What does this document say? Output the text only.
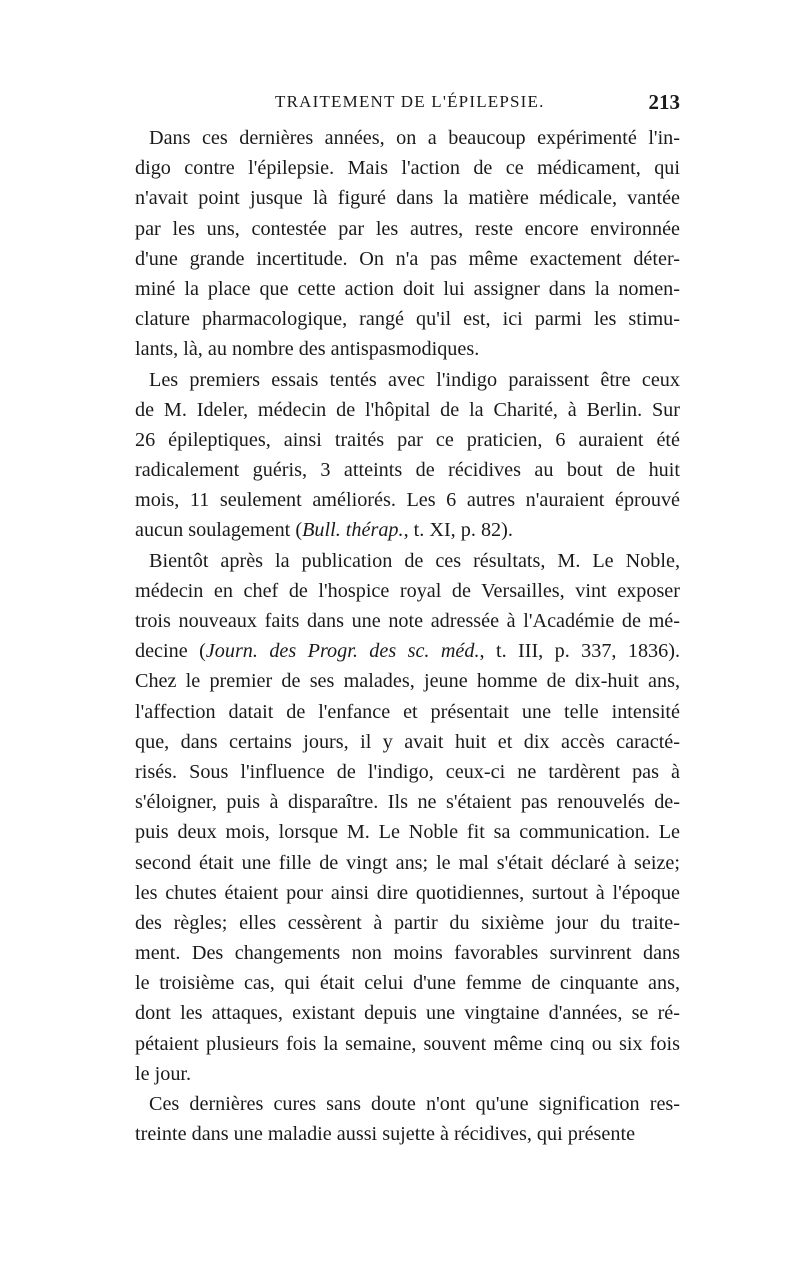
TRAITEMENT DE L'ÉPILEPSIE.	213
Dans ces dernières années, on a beaucoup expérimenté l'in-
digo contre l'épilepsie. Mais l'action de ce médicament, qui
n'avait point jusque là figuré dans la matière médicale, vantée
par les uns, contestée par les autres, reste encore environnée
d'une grande incertitude. On n'a pas même exactement déter-
miné la place que cette action doit lui assigner dans la nomen-
clature pharmacologique, rangé qu'il est, ici parmi les stimu-
lants, là, au nombre des antispasmodiques.
Les premiers essais tentés avec l'indigo paraissent être ceux
de M. Ideler, médecin de l'hôpital de la Charité, à Berlin. Sur
26 épileptiques, ainsi traités par ce praticien, 6 auraient été
radicalement guéris, 3 atteints de récidives au bout de huit
mois, 11 seulement améliorés. Les 6 autres n'auraient éprouvé
aucun soulagement (Bull. thérap., t. XI, p. 82).
Bientôt après la publication de ces résultats, M. Le Noble,
médecin en chef de l'hospice royal de Versailles, vint exposer
trois nouveaux faits dans une note adressée à l'Académie de mé-
decine (Journ. des Progr. des sc. méd., t. III, p. 337, 1836).
Chez le premier de ses malades, jeune homme de dix-huit ans,
l'affection datait de l'enfance et présentait une telle intensité
que, dans certains jours, il y avait huit et dix accès caracté-
risés. Sous l'influence de l'indigo, ceux-ci ne tardèrent pas à
s'éloigner, puis à disparaître. Ils ne s'étaient pas renouvelés de-
puis deux mois, lorsque M. Le Noble fit sa communication. Le
second était une fille de vingt ans; le mal s'était déclaré à seize;
les chutes étaient pour ainsi dire quotidiennes, surtout à l'époque
des règles; elles cessèrent à partir du sixième jour du traite-
ment. Des changements non moins favorables survinrent dans
le troisième cas, qui était celui d'une femme de cinquante ans,
dont les attaques, existant depuis une vingtaine d'années, se ré-
pétaient plusieurs fois la semaine, souvent même cinq ou six fois
le jour.
Ces dernières cures sans doute n'ont qu'une signification res-
treinte dans une maladie aussi sujette à récidives, qui présente
